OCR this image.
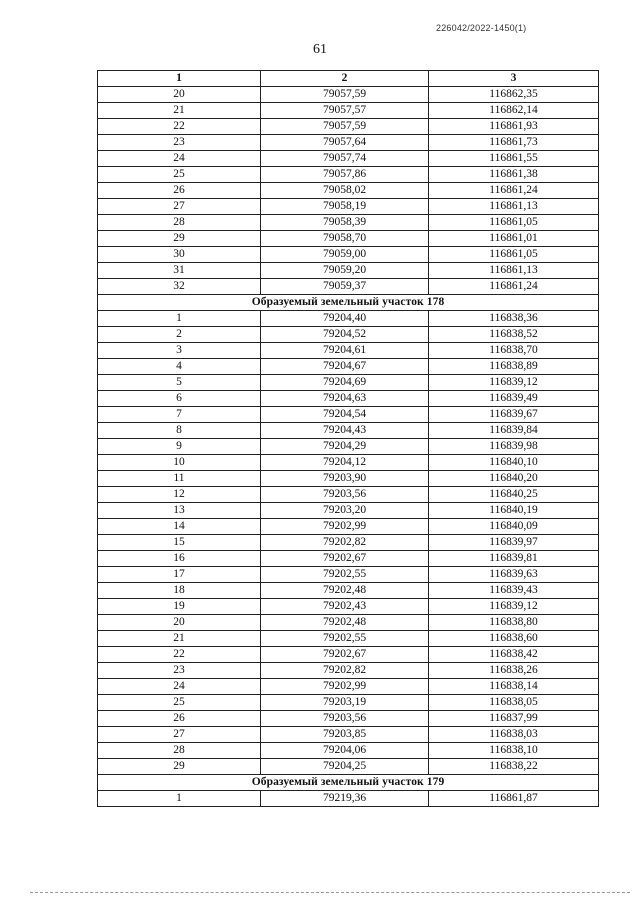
226042/2022-1450(1)
61
1	2	3
20	79057,59	116862,35
21	79057,57	116862,14
22	79057,59	116861,93
23	79057,64	116861,73
24	79057,74	116861,55
25	79057,86	116861,38
26	79058,02	116861,24
27	79058,19	116861,13
28	79058,39	116861,05
29	79058,70	116861,01
30	79059,00	116861,05
31	79059,20	116861,13
32	79059,37	116861,24
Образуемый земельный участок 178		
1	79204,40	116838,36
2	79204,52	116838,52
3	79204,61	116838,70
4	79204,67	116838,89
5	79204,69	116839,12
6	79204,63	116839,49
7	79204,54	116839,67
8	79204,43	116839,84
9	79204,29	116839,98
10	79204,12	116840,10
11	79203,90	116840,20
12	79203,56	116840,25
13	79203,20	116840,19
14	79202,99	116840,09
15	79202,82	116839,97
16	79202,67	116839,81
17	79202,55	116839,63
18	79202,48	116839,43
19	79202,43	116839,12
20	79202,48	116838,80
21	79202,55	116838,60
22	79202,67	116838,42
23	79202,82	116838,26
24	79202,99	116838,14
25	79203,19	116838,05
26	79203,56	116837,99
27	79203,85	116838,03
28	79204,06	116838,10
29	79204,25	116838,22
Образуемый земельный участок 179		
1	79219,36	116861,87
